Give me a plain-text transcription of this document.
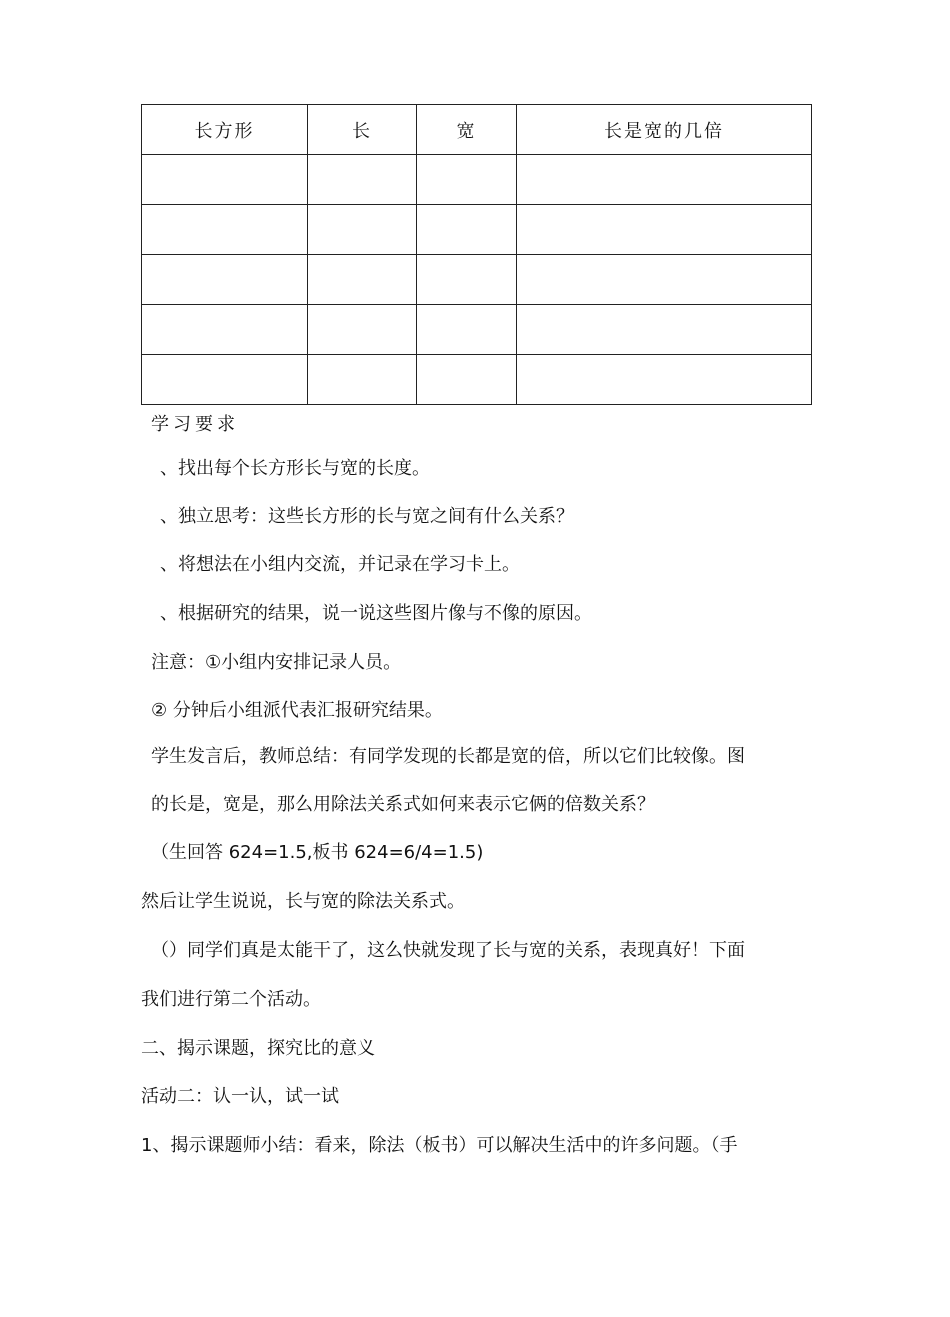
长方形	长	宽	长是宽的几倍

学习要求
、找出每个长方形长与宽的长度。
、独立思考：这些长方形的长与宽之间有什么关系？
、将想法在小组内交流，并记录在学习卡上。
、根据研究的结果，说一说这些图片像与不像的原因。
注意：①小组内安排记录人员。
② 分钟后小组派代表汇报研究结果。
学生发言后，教师总结：有同学发现的长都是宽的倍，所以它们比较像。图
的长是，宽是，那么用除法关系式如何来表示它俩的倍数关系？
（生回答 624=1.5,板书 624=6/4=1.5)
然后让学生说说，长与宽的除法关系式。
（）同学们真是太能干了，这么快就发现了长与宽的关系，表现真好！下面
我们进行第二个活动。
二、揭示课题，探究比的意义
活动二：认一认，试一试
1、揭示课题师小结：看来，除法（板书）可以解决生活中的许多问题。（手
